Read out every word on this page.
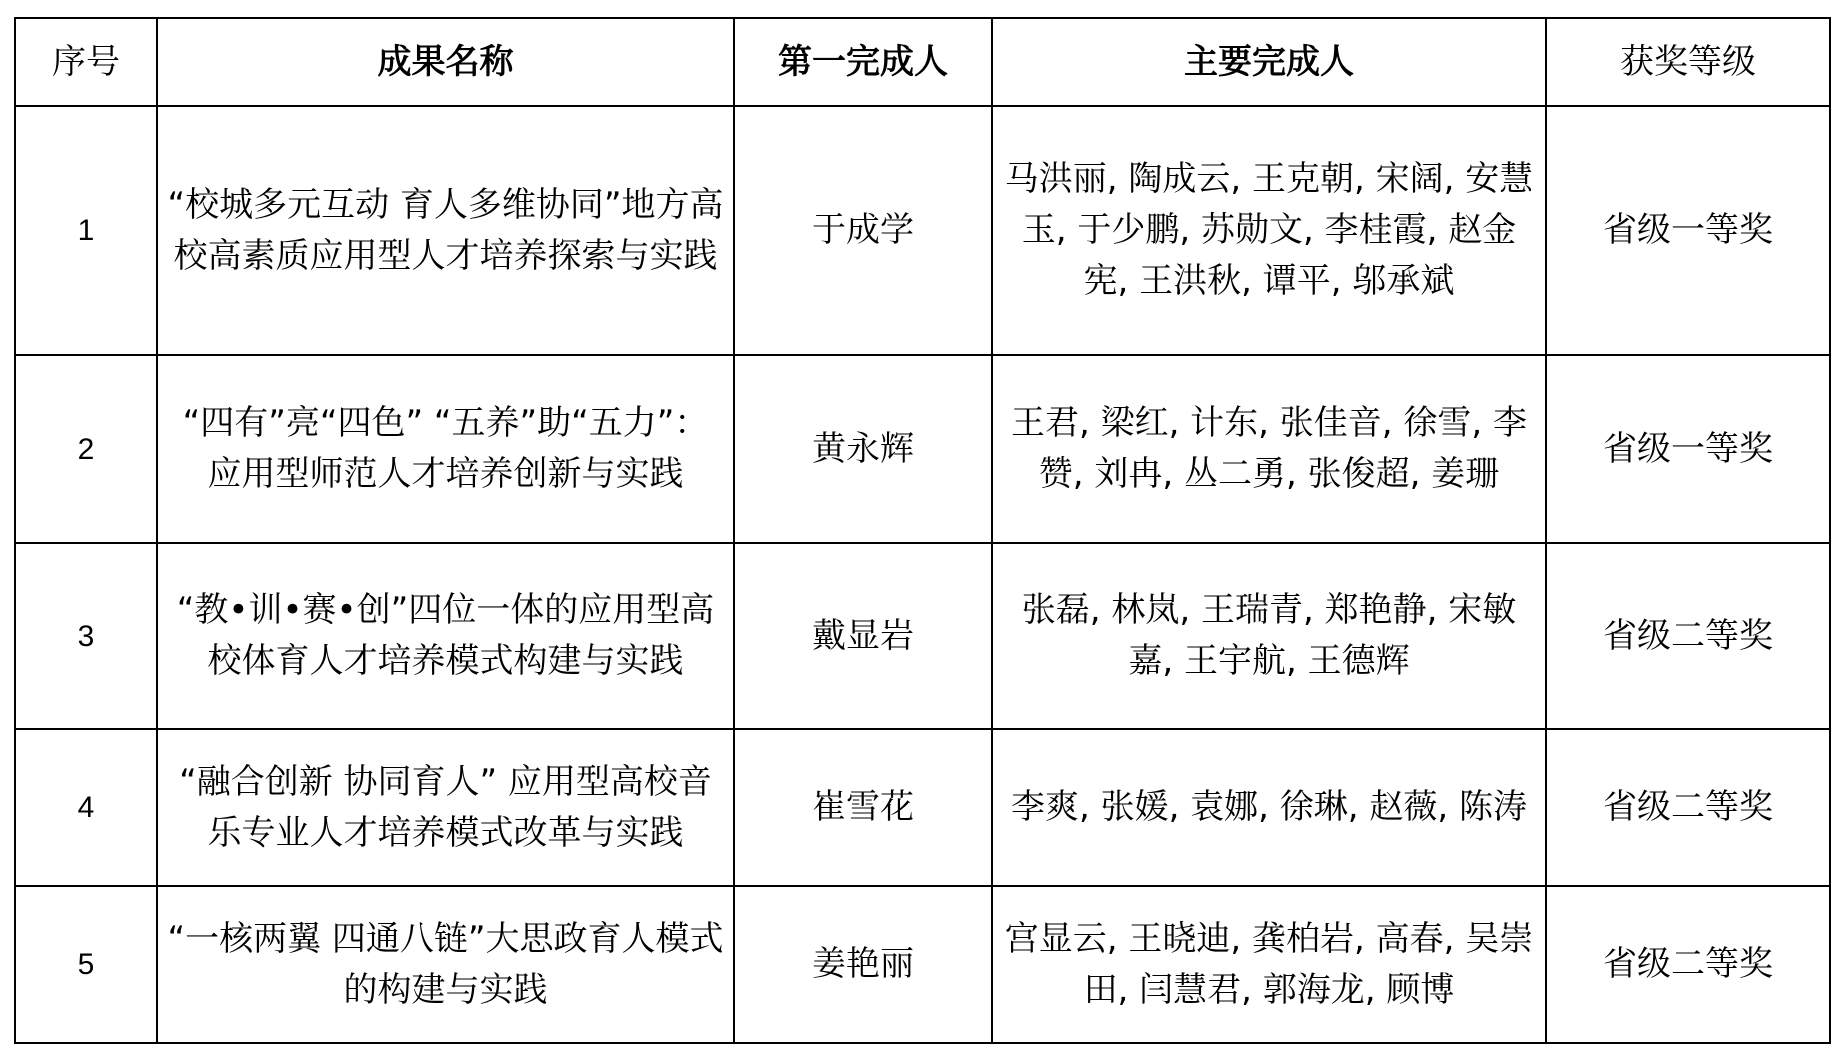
序号	成果名称	第一完成人	主要完成人	获奖等级
1	“校城多元互动 育人多维协同”地方高校高素质应用型人才培养探索与实践	于成学	马洪丽, 陶成云, 王克朝, 宋阔, 安慧玉, 于少鹏, 苏勋文, 李桂霞, 赵金宪, 王洪秋, 谭平, 邬承斌	省级一等奖
2	“四有”亮“四色” “五养”助“五力”：应用型师范人才培养创新与实践	黄永辉	王君, 梁红, 计东, 张佳音, 徐雪, 李赞, 刘冉, 丛二勇, 张俊超, 姜珊	省级一等奖
3	“教•训•赛•创”四位一体的应用型高校体育人才培养模式构建与实践	戴显岩	张磊, 林岚, 王瑞青, 郑艳静, 宋敏嘉, 王宇航, 王德辉	省级二等奖
4	“融合创新 协同育人” 应用型高校音乐专业人才培养模式改革与实践	崔雪花	李爽, 张媛, 袁娜, 徐琳, 赵薇, 陈涛	省级二等奖
5	“一核两翼 四通八链”大思政育人模式的构建与实践	姜艳丽	宫显云, 王晓迪, 龚柏岩, 高春, 吴崇田, 闫慧君, 郭海龙, 顾博	省级二等奖
